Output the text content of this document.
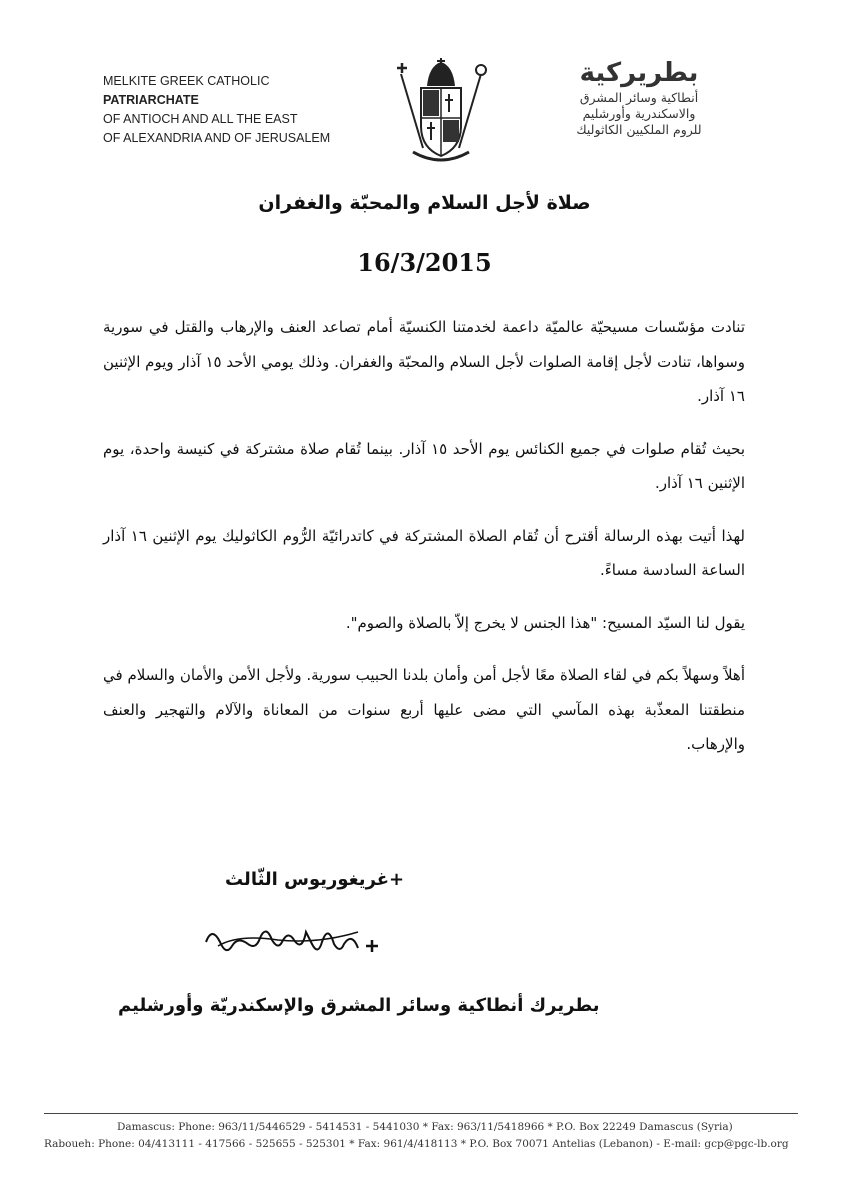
MELKITE GREEK CATHOLIC
PATRIARCHATE
OF ANTIOCH AND ALL THE EAST
OF ALEXANDRIA AND OF JERUSALEM
بطريركية
أنطاكية وسائر المشرق
والاسكندرية وأورشليم
للروم الملكيين الكاثوليك
صلاة لأجل السلام والمحبّة والغفران
16/3/2015

تنادت مؤسّسات مسيحيّة عالميّة داعمة لخدمتنا الكنسيّة أمام تصاعد العنف والإرهاب والقتل في سورية وسواها، تنادت لأجل إقامة الصلوات لأجل السلام والمحبّة والغفران. وذلك يومي الأحد ١٥ آذار ويوم الإثنين ١٦ آذار.

بحيث تُقام صلوات في جميع الكنائس يوم الأحد ١٥ آذار. بينما تُقام صلاة مشتركة في كنيسة واحدة، يوم الإثنين ١٦ آذار.

لهذا أتيت بهذه الرسالة أقترح أن تُقام الصلاة المشتركة في كاتدرائيّة الرُّوم الكاثوليك يوم الإثنين ١٦ آذار الساعة السادسة مساءً.

يقول لنا السيّد المسيح: "هذا الجنس لا يخرج إلاّ بالصلاة والصوم".

أهلاً وسهلاً بكم في لقاء الصلاة معًا لأجل أمن وأمان بلدنا الحبيب سورية. ولأجل الأمن والأمان والسلام في منطقتنا المعذّبة بهذه المآسي التي مضى عليها أربع سنوات من المعاناة والآلام والتهجير والعنف والإرهاب.

+غريغوريوس الثّالث
بطريرك أنطاكية وسائر المشرق والإسكندريّة وأورشليم
Damascus: Phone: 963/11/5446529 - 5414531 - 5441030 * Fax: 963/11/5418966 * P.O. Box 22249 Damascus (Syria)
Raboueh: Phone: 04/413111 - 417566 - 525655 - 525301 * Fax: 961/4/418113 * P.O. Box 70071 Antelias (Lebanon) - E-mail: gcp@pgc-lb.org
